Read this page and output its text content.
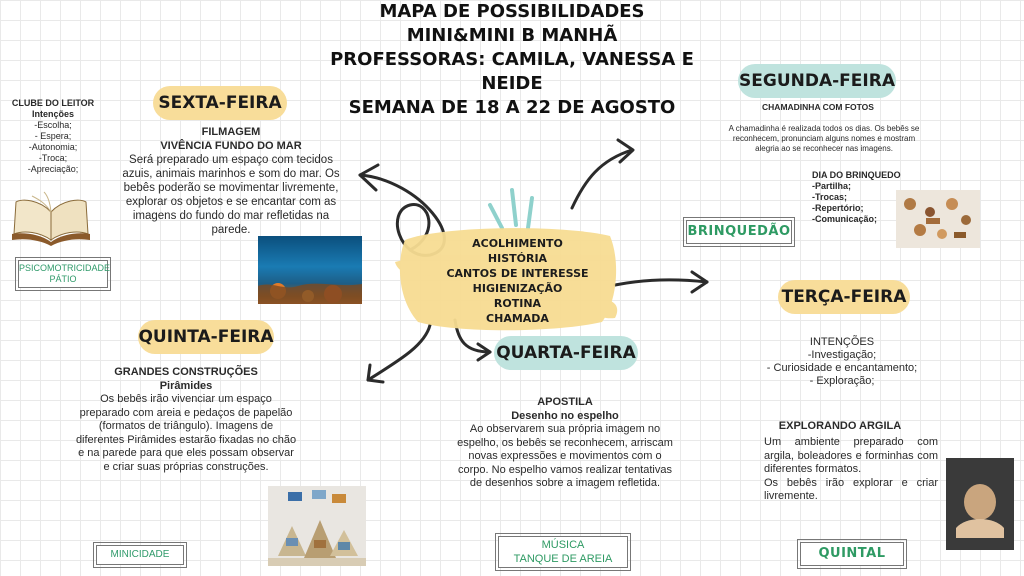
MAPA DE POSSIBILIDADES
MINI&MINI B MANHÃ
PROFESSORAS: CAMILA, VANESSA E NEIDE
SEMANA DE 18 A 22 DE AGOSTO
ACOLHIMENTO
HISTÓRIA
CANTOS DE INTERESSE
HIGIENIZAÇÃO
ROTINA
CHAMADA
CLUBE DO LEITOR
Intenções
-Escolha;
- Espera;
-Autonomia;
-Troca;
-Apreciação;
PSICOMOTRICIDADE
PÁTIO
SEXTA-FEIRA
FILMAGEM
VIVÊNCIA FUNDO DO MAR
Será preparado um espaço com tecidos azuis, animais marinhos e som do mar. Os bebês poderão se movimentar livremente, explorar os objetos e se encantar com as imagens do fundo do mar refletidas na parede.
SEGUNDA-FEIRA
CHAMADINHA COM FOTOS
A chamadinha é realizada todos os dias. Os bebês se reconhecem, pronunciam alguns nomes e mostram alegria ao se reconhecer nas imagens.
DIA DO BRINQUEDO
-Partilha;
-Trocas;
-Repertório;
-Comunicação;
BRINQUEDÃO
TERÇA-FEIRA
INTENÇÕES
-Investigação;
- Curiosidade e encantamento;
- Exploração;
EXPLORANDO ARGILA
Um ambiente preparado com argila, boleadores e forminhas com diferentes formatos.
Os bebês irão explorar e criar livremente.
QUINTAL
QUARTA-FEIRA
APOSTILA
Desenho no espelho
Ao observarem sua própria imagem no espelho, os bebês se reconhecem, arriscam novas expressões e movimentos com o corpo. No espelho vamos realizar tentativas de desenhos sobre a imagem refletida.
MÚSICA
TANQUE DE AREIA
QUINTA-FEIRA
GRANDES CONSTRUÇÕES
Pirâmides
Os bebês irão vivenciar um espaço preparado com areia e pedaços de papelão (formatos de triângulo). Imagens de diferentes Pirâmides estarão fixadas no chão e na parede para que eles possam observar e criar suas próprias construções.
MINICIDADE
